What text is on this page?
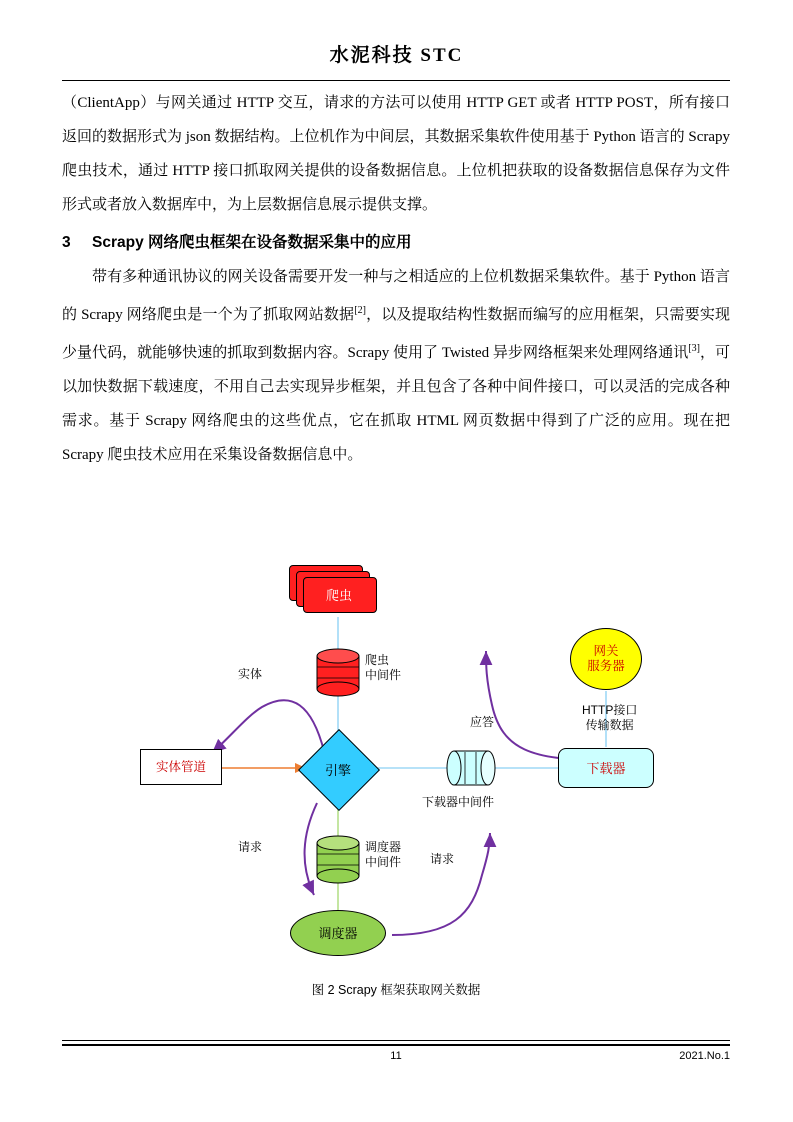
水泥科技 STC

（ClientApp）与网关通过 HTTP 交互，请求的方法可以使用 HTTP GET 或者 HTTP POST，所有接口返回的数据形式为 json 数据结构。上位机作为中间层，其数据采集软件使用基于 Python 语言的 Scrapy 爬虫技术，通过 HTTP 接口抓取网关提供的设备数据信息。上位机把获取的设备数据信息保存为文件形式或者放入数据库中，为上层数据信息展示提供支撑。

3 Scrapy 网络爬虫框架在设备数据采集中的应用

带有多种通讯协议的网关设备需要开发一种与之相适应的上位机数据采集软件。基于 Python 语言的 Scrapy 网络爬虫是一个为了抓取网站数据[2]，以及提取结构性数据而编写的应用框架，只需要实现少量代码，就能够快速的抓取到数据内容。Scrapy 使用了 Twisted 异步网络框架来处理网络通讯[3]，可以加快数据下载速度，不用自己去实现异步框架，并且包含了各种中间件接口，可以灵活的完成各种需求。基于 Scrapy 网络爬虫的这些优点，它在抓取 HTML 网页数据中得到了广泛的应用。现在把 Scrapy 爬虫技术应用在采集设备数据信息中。

爬虫
网关
服务器
下载器
实体管道
调度器
引擎
爬虫
中间件
调度器
中间件
下载器中间件
实体
请求
应答
请求
HTTP接口
传输数据
图 2 Scrapy 框架获取网关数据
11	2021.No.1
